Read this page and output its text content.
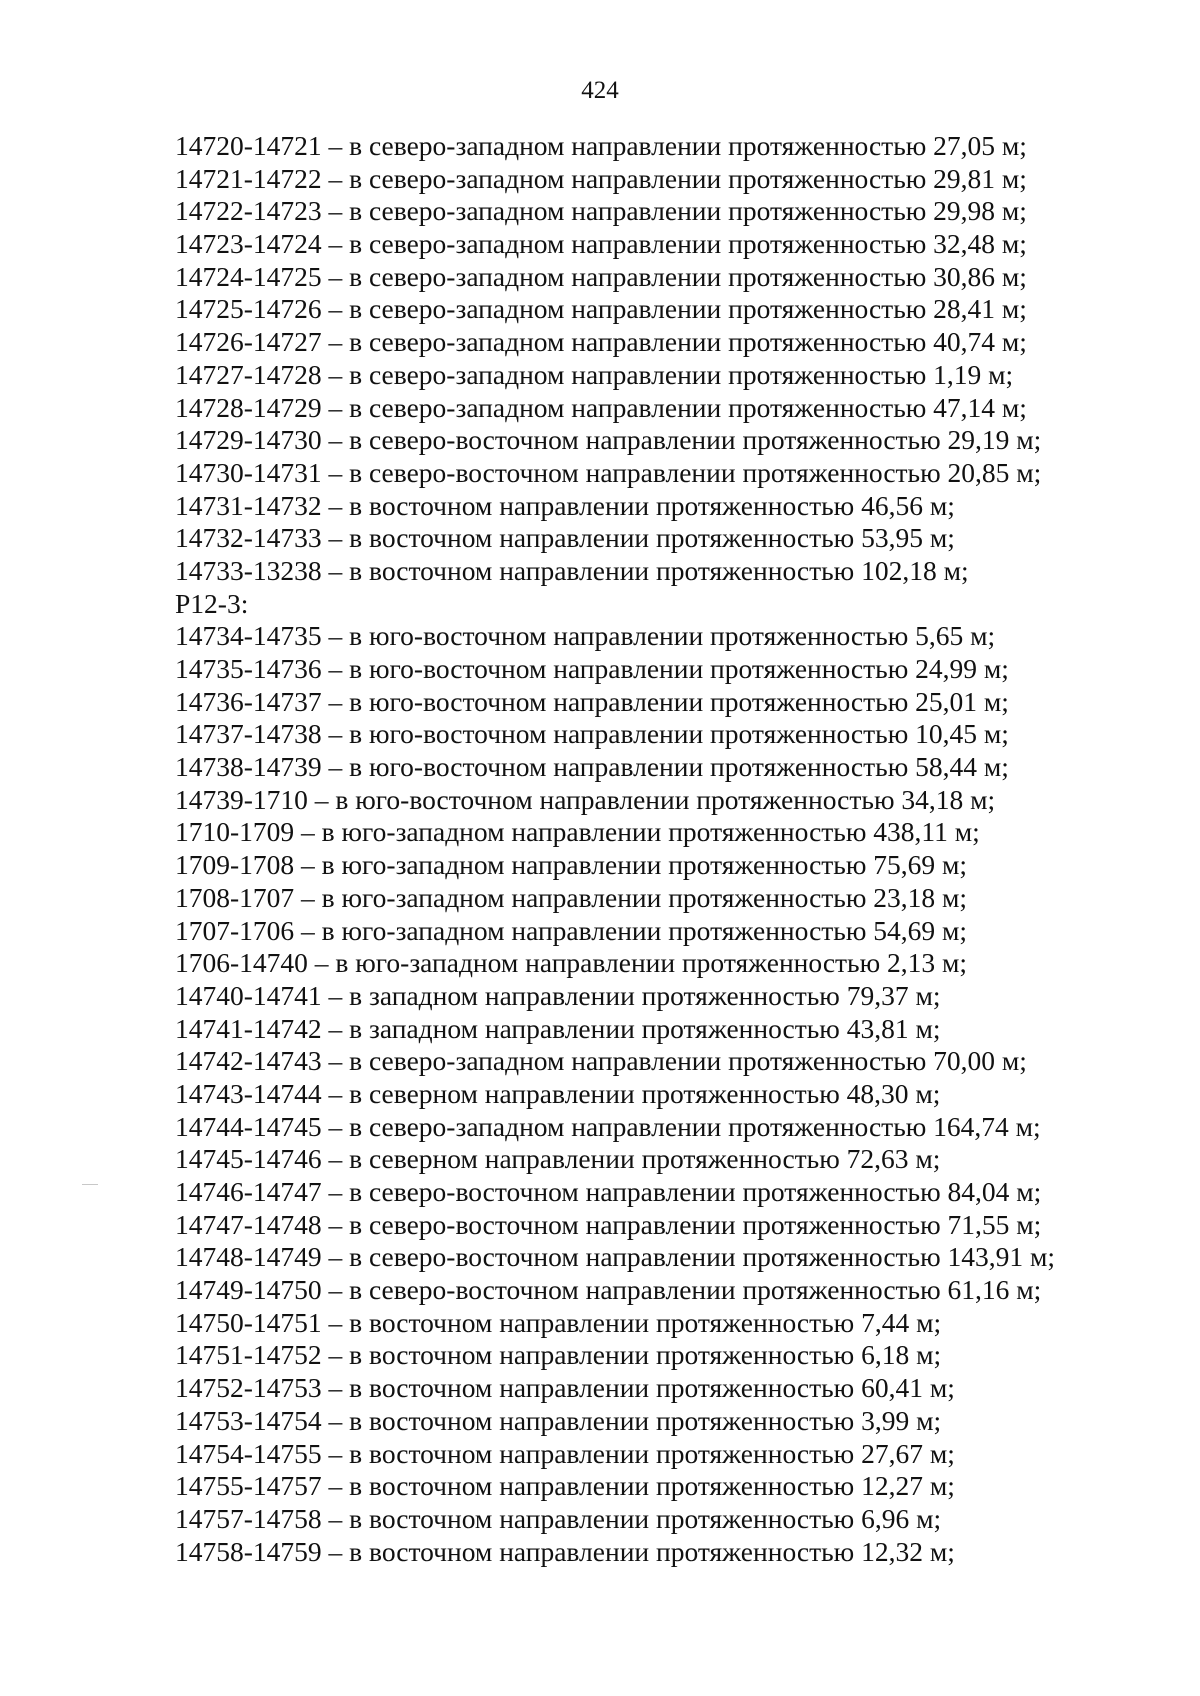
424
14720-14721 – в северо-западном направлении протяженностью 27,05 м;
14721-14722 – в северо-западном направлении протяженностью 29,81 м;
14722-14723 – в северо-западном направлении протяженностью 29,98 м;
14723-14724 – в северо-западном направлении протяженностью 32,48 м;
14724-14725 – в северо-западном направлении протяженностью 30,86 м;
14725-14726 – в северо-западном направлении протяженностью 28,41 м;
14726-14727 – в северо-западном направлении протяженностью 40,74 м;
14727-14728 – в северо-западном направлении протяженностью 1,19 м;
14728-14729 – в северо-западном направлении протяженностью 47,14 м;
14729-14730 – в северо-восточном направлении протяженностью 29,19 м;
14730-14731 – в северо-восточном направлении протяженностью 20,85 м;
14731-14732 – в восточном направлении протяженностью 46,56 м;
14732-14733 – в восточном направлении протяженностью 53,95 м;
14733-13238 – в восточном направлении протяженностью 102,18 м;
Р12-3:
14734-14735 – в юго-восточном направлении протяженностью 5,65 м;
14735-14736 – в юго-восточном направлении протяженностью 24,99 м;
14736-14737 – в юго-восточном направлении протяженностью 25,01 м;
14737-14738 – в юго-восточном направлении протяженностью 10,45 м;
14738-14739 – в юго-восточном направлении протяженностью 58,44 м;
14739-1710 – в юго-восточном направлении протяженностью 34,18 м;
1710-1709 – в юго-западном направлении протяженностью 438,11 м;
1709-1708 – в юго-западном направлении протяженностью 75,69 м;
1708-1707 – в юго-западном направлении протяженностью 23,18 м;
1707-1706 – в юго-западном направлении протяженностью 54,69 м;
1706-14740 – в юго-западном направлении протяженностью 2,13 м;
14740-14741 – в западном направлении протяженностью 79,37 м;
14741-14742 – в западном направлении протяженностью 43,81 м;
14742-14743 – в северо-западном направлении протяженностью 70,00 м;
14743-14744 – в северном направлении протяженностью 48,30 м;
14744-14745 – в северо-западном направлении протяженностью 164,74 м;
14745-14746 – в северном направлении протяженностью 72,63 м;
14746-14747 – в северо-восточном направлении протяженностью 84,04 м;
14747-14748 – в северо-восточном направлении протяженностью 71,55 м;
14748-14749 – в северо-восточном направлении протяженностью 143,91 м;
14749-14750 – в северо-восточном направлении протяженностью 61,16 м;
14750-14751 – в восточном направлении протяженностью 7,44 м;
14751-14752 – в восточном направлении протяженностью 6,18 м;
14752-14753 – в восточном направлении протяженностью 60,41 м;
14753-14754 – в восточном направлении протяженностью 3,99 м;
14754-14755 – в восточном направлении протяженностью 27,67 м;
14755-14757 – в восточном направлении протяженностью 12,27 м;
14757-14758 – в восточном направлении протяженностью 6,96 м;
14758-14759 – в восточном направлении протяженностью 12,32 м;
